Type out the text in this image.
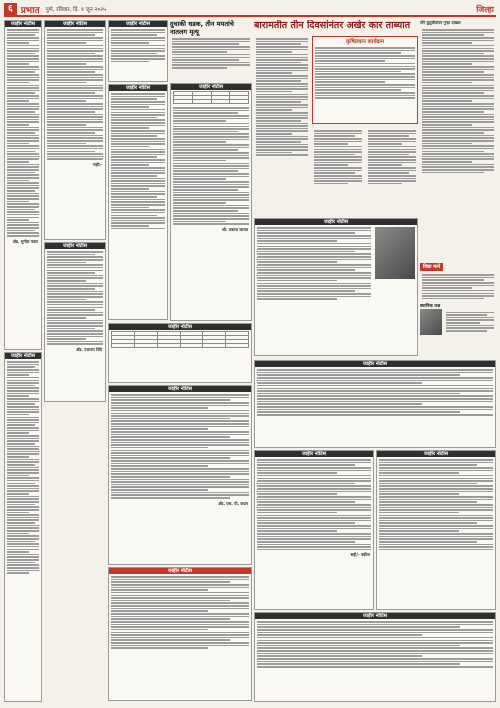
६ प्रभात पुणे, रविवार, दि. १ जून २०२५	जिल्हा
जाहीर नोटीस
अ‍ॅड. सुनील पवार
जाहीर नोटीस
जाहीर नोटिस
सही/-
जाहीर नोटीस
अ‍ॅड. दत्तात्रय शिंदे
जाहीर नोटीस
जाहीर नोटिस
दुचाकी धडक, तीन मयतांचे नातलग मृत्यू
जाहीर नोटीस
श्री. प्रकाश जाधव
बारामतीत तीन दिवसांनंतर अखेर कार ताब्यात	मोरे कुटुंबीयांवर गुन्हा दाखल
कृषिप्रधान कार्यक्रम
जाहीर नोटीस
विद्या माने
स्थानिक प्रश्न
जाहीर नोटीस
जाहीर नोटिस
अ‍ॅड. एस. पी. कदम
जाहीर नोटीस
जाहीर नोटीस
जाहीर नोटिस
सही/- वकील
जाहीर नोटीस
जाहीर नोटिस
